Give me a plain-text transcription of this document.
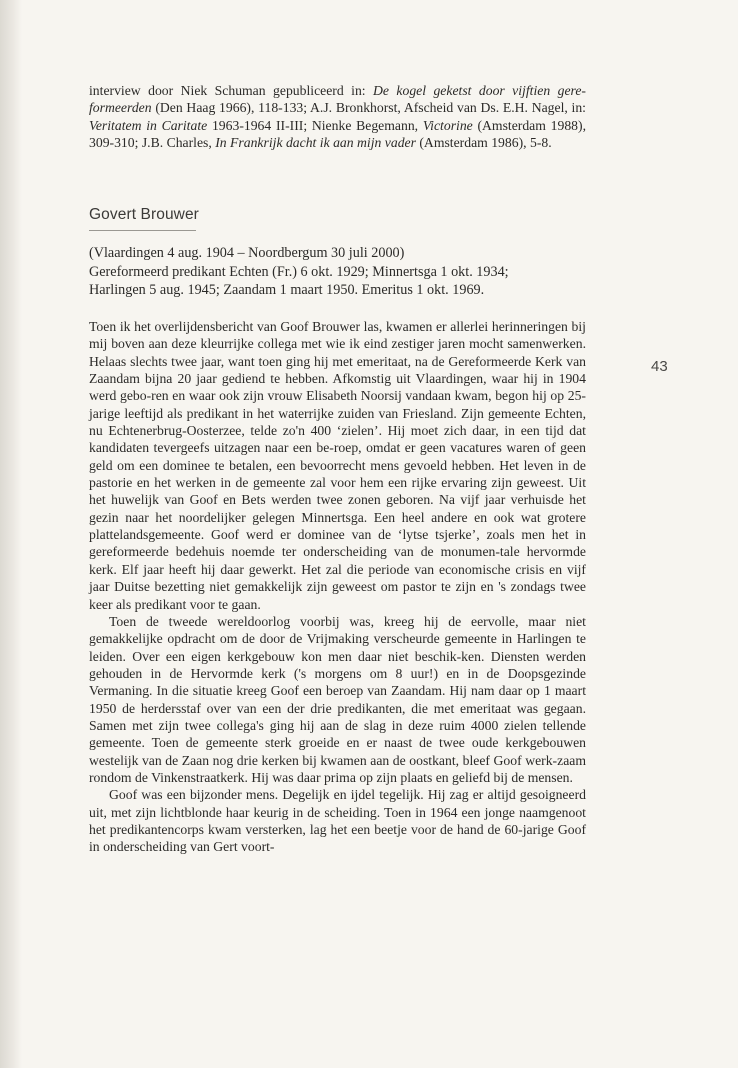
interview door Niek Schuman gepubliceerd in: De kogel geketst door vijftien gere-formeerden (Den Haag 1966), 118-133; A.J. Bronkhorst, Afscheid van Ds. E.H. Nagel, in: Veritatem in Caritate 1963-1964 II-III; Nienke Begemann, Victorine (Amsterdam 1988), 309-310; J.B. Charles, In Frankrijk dacht ik aan mijn vader (Amsterdam 1986), 5-8.
Govert Brouwer
(Vlaardingen 4 aug. 1904 – Noordbergum 30 juli 2000)
Gereformeerd predikant Echten (Fr.) 6 okt. 1929; Minnertsga 1 okt. 1934;
Harlingen 5 aug. 1945; Zaandam 1 maart 1950. Emeritus 1 okt. 1969.
43

Toen ik het overlijdensbericht van Goof Brouwer las, kwamen er allerlei herinneringen bij mij boven aan deze kleurrijke collega met wie ik eind zestiger jaren mocht samenwerken. Helaas slechts twee jaar, want toen ging hij met emeritaat, na de Gereformeerde Kerk van Zaandam bijna 20 jaar gediend te hebben. Afkomstig uit Vlaardingen, waar hij in 1904 werd gebo-ren en waar ook zijn vrouw Elisabeth Noorsij vandaan kwam, begon hij op 25-jarige leeftijd als predikant in het waterrijke zuiden van Friesland. Zijn gemeente Echten, nu Echtenerbrug-Oosterzee, telde zo'n 400 ‘zielen’. Hij moet zich daar, in een tijd dat kandidaten tevergeefs uitzagen naar een be-roep, omdat er geen vacatures waren of geen geld om een dominee te betalen, een bevoorrecht mens gevoeld hebben. Het leven in de pastorie en het werken in de gemeente zal voor hem een rijke ervaring zijn geweest. Uit het huwelijk van Goof en Bets werden twee zonen geboren. Na vijf jaar verhuisde het gezin naar het noordelijker gelegen Minnertsga. Een heel andere en ook wat grotere plattelandsgemeente. Goof werd er dominee van de ‘lytse tsjerke’, zoals men het in gereformeerde bedehuis noemde ter onderscheiding van de monumen-tale hervormde kerk. Elf jaar heeft hij daar gewerkt. Het zal die periode van economische crisis en vijf jaar Duitse bezetting niet gemakkelijk zijn geweest om pastor te zijn en 's zondags twee keer als predikant voor te gaan.

Toen de tweede wereldoorlog voorbij was, kreeg hij de eervolle, maar niet gemakkelijke opdracht om de door de Vrijmaking verscheurde gemeente in Harlingen te leiden. Over een eigen kerkgebouw kon men daar niet beschik-ken. Diensten werden gehouden in de Hervormde kerk ('s morgens om 8 uur!) en in de Doopsgezinde Vermaning. In die situatie kreeg Goof een beroep van Zaandam. Hij nam daar op 1 maart 1950 de herdersstaf over van een der drie predikanten, die met emeritaat was gegaan. Samen met zijn twee collega's ging hij aan de slag in deze ruim 4000 zielen tellende gemeente. Toen de gemeente sterk groeide en er naast de twee oude kerkgebouwen westelijk van de Zaan nog drie kerken bij kwamen aan de oostkant, bleef Goof werk-zaam rondom de Vinkenstraatkerk. Hij was daar prima op zijn plaats en geliefd bij de mensen.

Goof was een bijzonder mens. Degelijk en ijdel tegelijk. Hij zag er altijd gesoigneerd uit, met zijn lichtblonde haar keurig in de scheiding. Toen in 1964 een jonge naamgenoot het predikantencorps kwam versterken, lag het een beetje voor de hand de 60-jarige Goof in onderscheiding van Gert voort-
